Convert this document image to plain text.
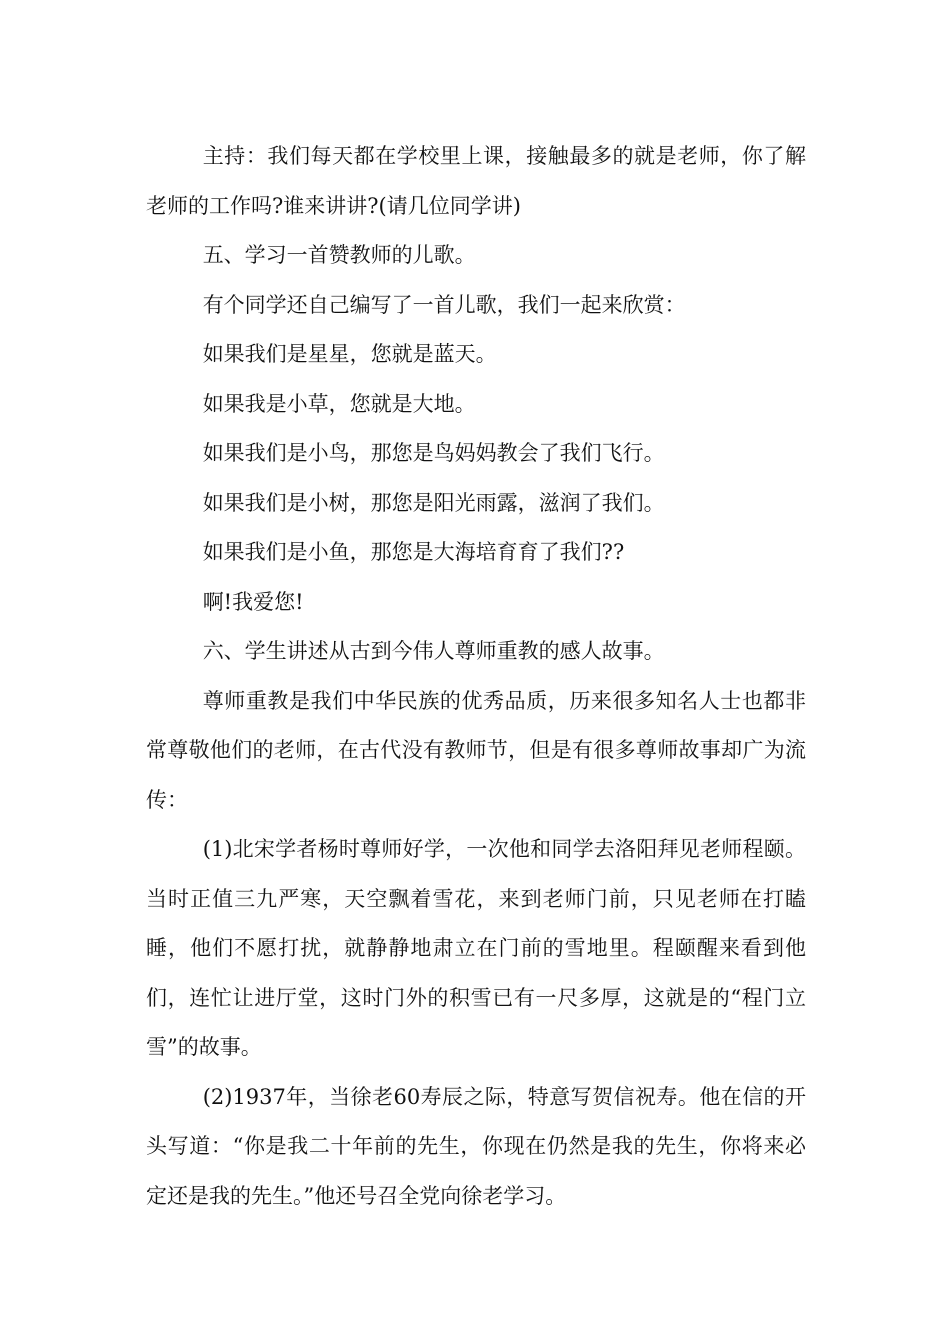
主持：我们每天都在学校里上课，接触最多的就是老师，你了解老师的工作吗?谁来讲讲?(请几位同学讲)

五、学习一首赞教师的儿歌。

有个同学还自己编写了一首儿歌，我们一起来欣赏：

如果我们是星星，您就是蓝天。

如果我是小草，您就是大地。

如果我们是小鸟，那您是鸟妈妈教会了我们飞行。

如果我们是小树，那您是阳光雨露，滋润了我们。

如果我们是小鱼，那您是大海培育育了我们??

啊!我爱您!

六、学生讲述从古到今伟人尊师重教的感人故事。

尊师重教是我们中华民族的优秀品质，历来很多知名人士也都非常尊敬他们的老师，在古代没有教师节，但是有很多尊师故事却广为流传：

(1)北宋学者杨时尊师好学，一次他和同学去洛阳拜见老师程颐。当时正值三九严寒，天空飘着雪花，来到老师门前，只见老师在打瞌睡，他们不愿打扰，就静静地肃立在门前的雪地里。程颐醒来看到他们，连忙让进厅堂，这时门外的积雪已有一尺多厚，这就是的“程门立雪”的故事。

(2)1937年，当徐老60寿辰之际，特意写贺信祝寿。他在信的开头写道：“你是我二十年前的先生，你现在仍然是我的先生，你将来必定还是我的先生。”他还号召全党向徐老学习。
